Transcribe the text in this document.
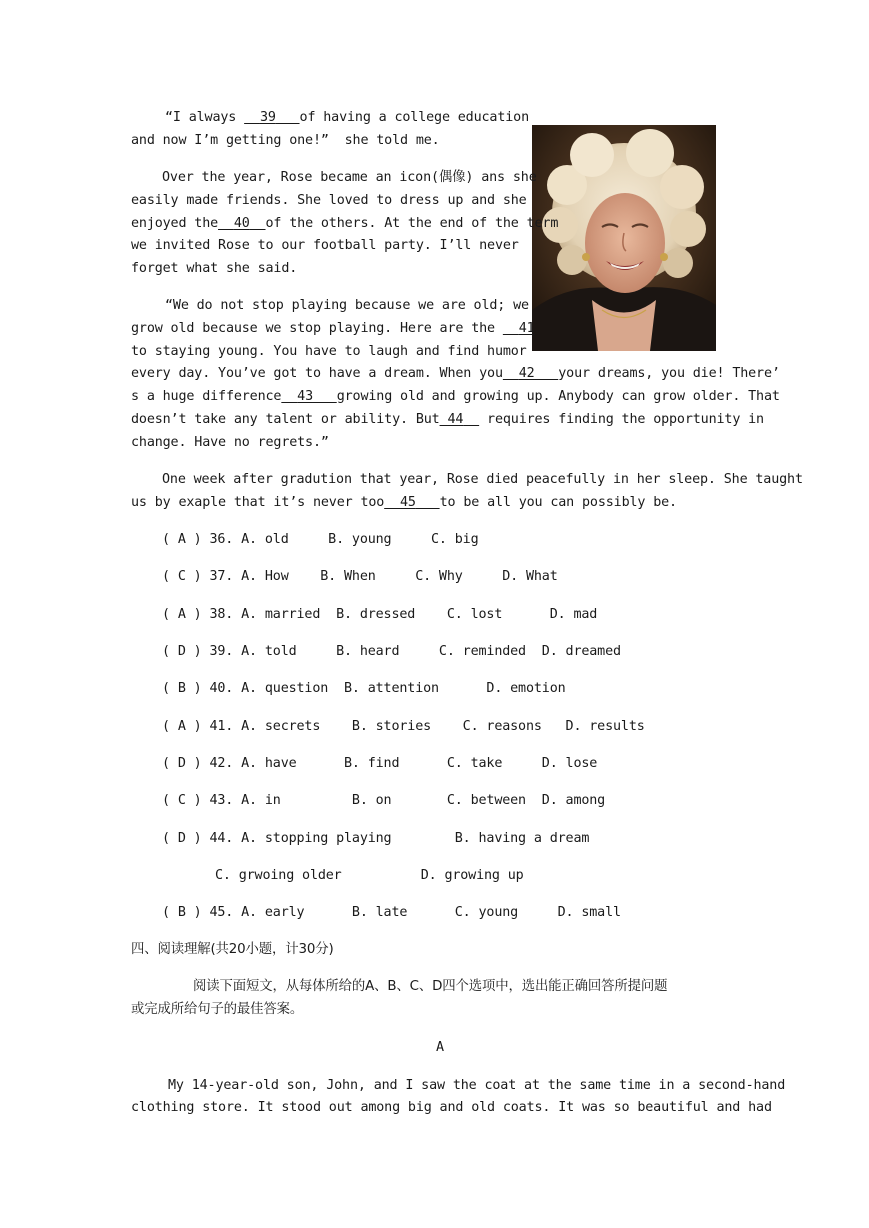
“I always   39 of having a college education
and now I’m getting one!”  she told me.
Over the year, Rose became an icon(偶像) ans she
easily made friends. She loved to dress up and she
enjoyed the 40 of the others. At the end of the term
we invited Rose to our football party. I’ll never
forget what she said.
“We do not stop playing because we are old; we
grow old because we stop playing. Here are the   41
to staying young. You have to laugh and find humor
every day. You’ve got to have a dream. When you 42 your dreams, you die! There’
s a huge difference 43 growing old and growing up. Anybody can grow older. That
doesn’t take any talent or ability. But 44   requires finding the opportunity in
change. Have no regrets.”
One week after gradution that year, Rose died peacefully in her sleep. She taught
us by exaple that it’s never too 45 to be all you can possibly be.
( A ) 36. A. old     B. young     C. big
( C ) 37. A. How    B. When     C. Why     D. What
( A ) 38. A. married  B. dressed    C. lost      D. mad
( D ) 39. A. told     B. heard     C. reminded  D. dreamed
( B ) 40. A. question  B. attention      D. emotion
( A ) 41. A. secrets    B. stories    C. reasons   D. results
( D ) 42. A. have      B. find      C. take     D. lose
( C ) 43. A. in         B. on       C. between  D. among
( D ) 44. A. stopping playing        B. having a dream
C. grwoing older          D. growing up
( B ) 45. A. early      B. late      C. young     D. small
四、阅读理解(共20小题，计30分)
阅读下面短文，从每体所给的A、B、C、D四个选项中，选出能正确回答所提问题
或完成所给句子的最佳答案。
A
My 14-year-old son, John, and I saw the coat at the same time in a second-hand
clothing store. It stood out among big and old coats. It was so beautiful and had
